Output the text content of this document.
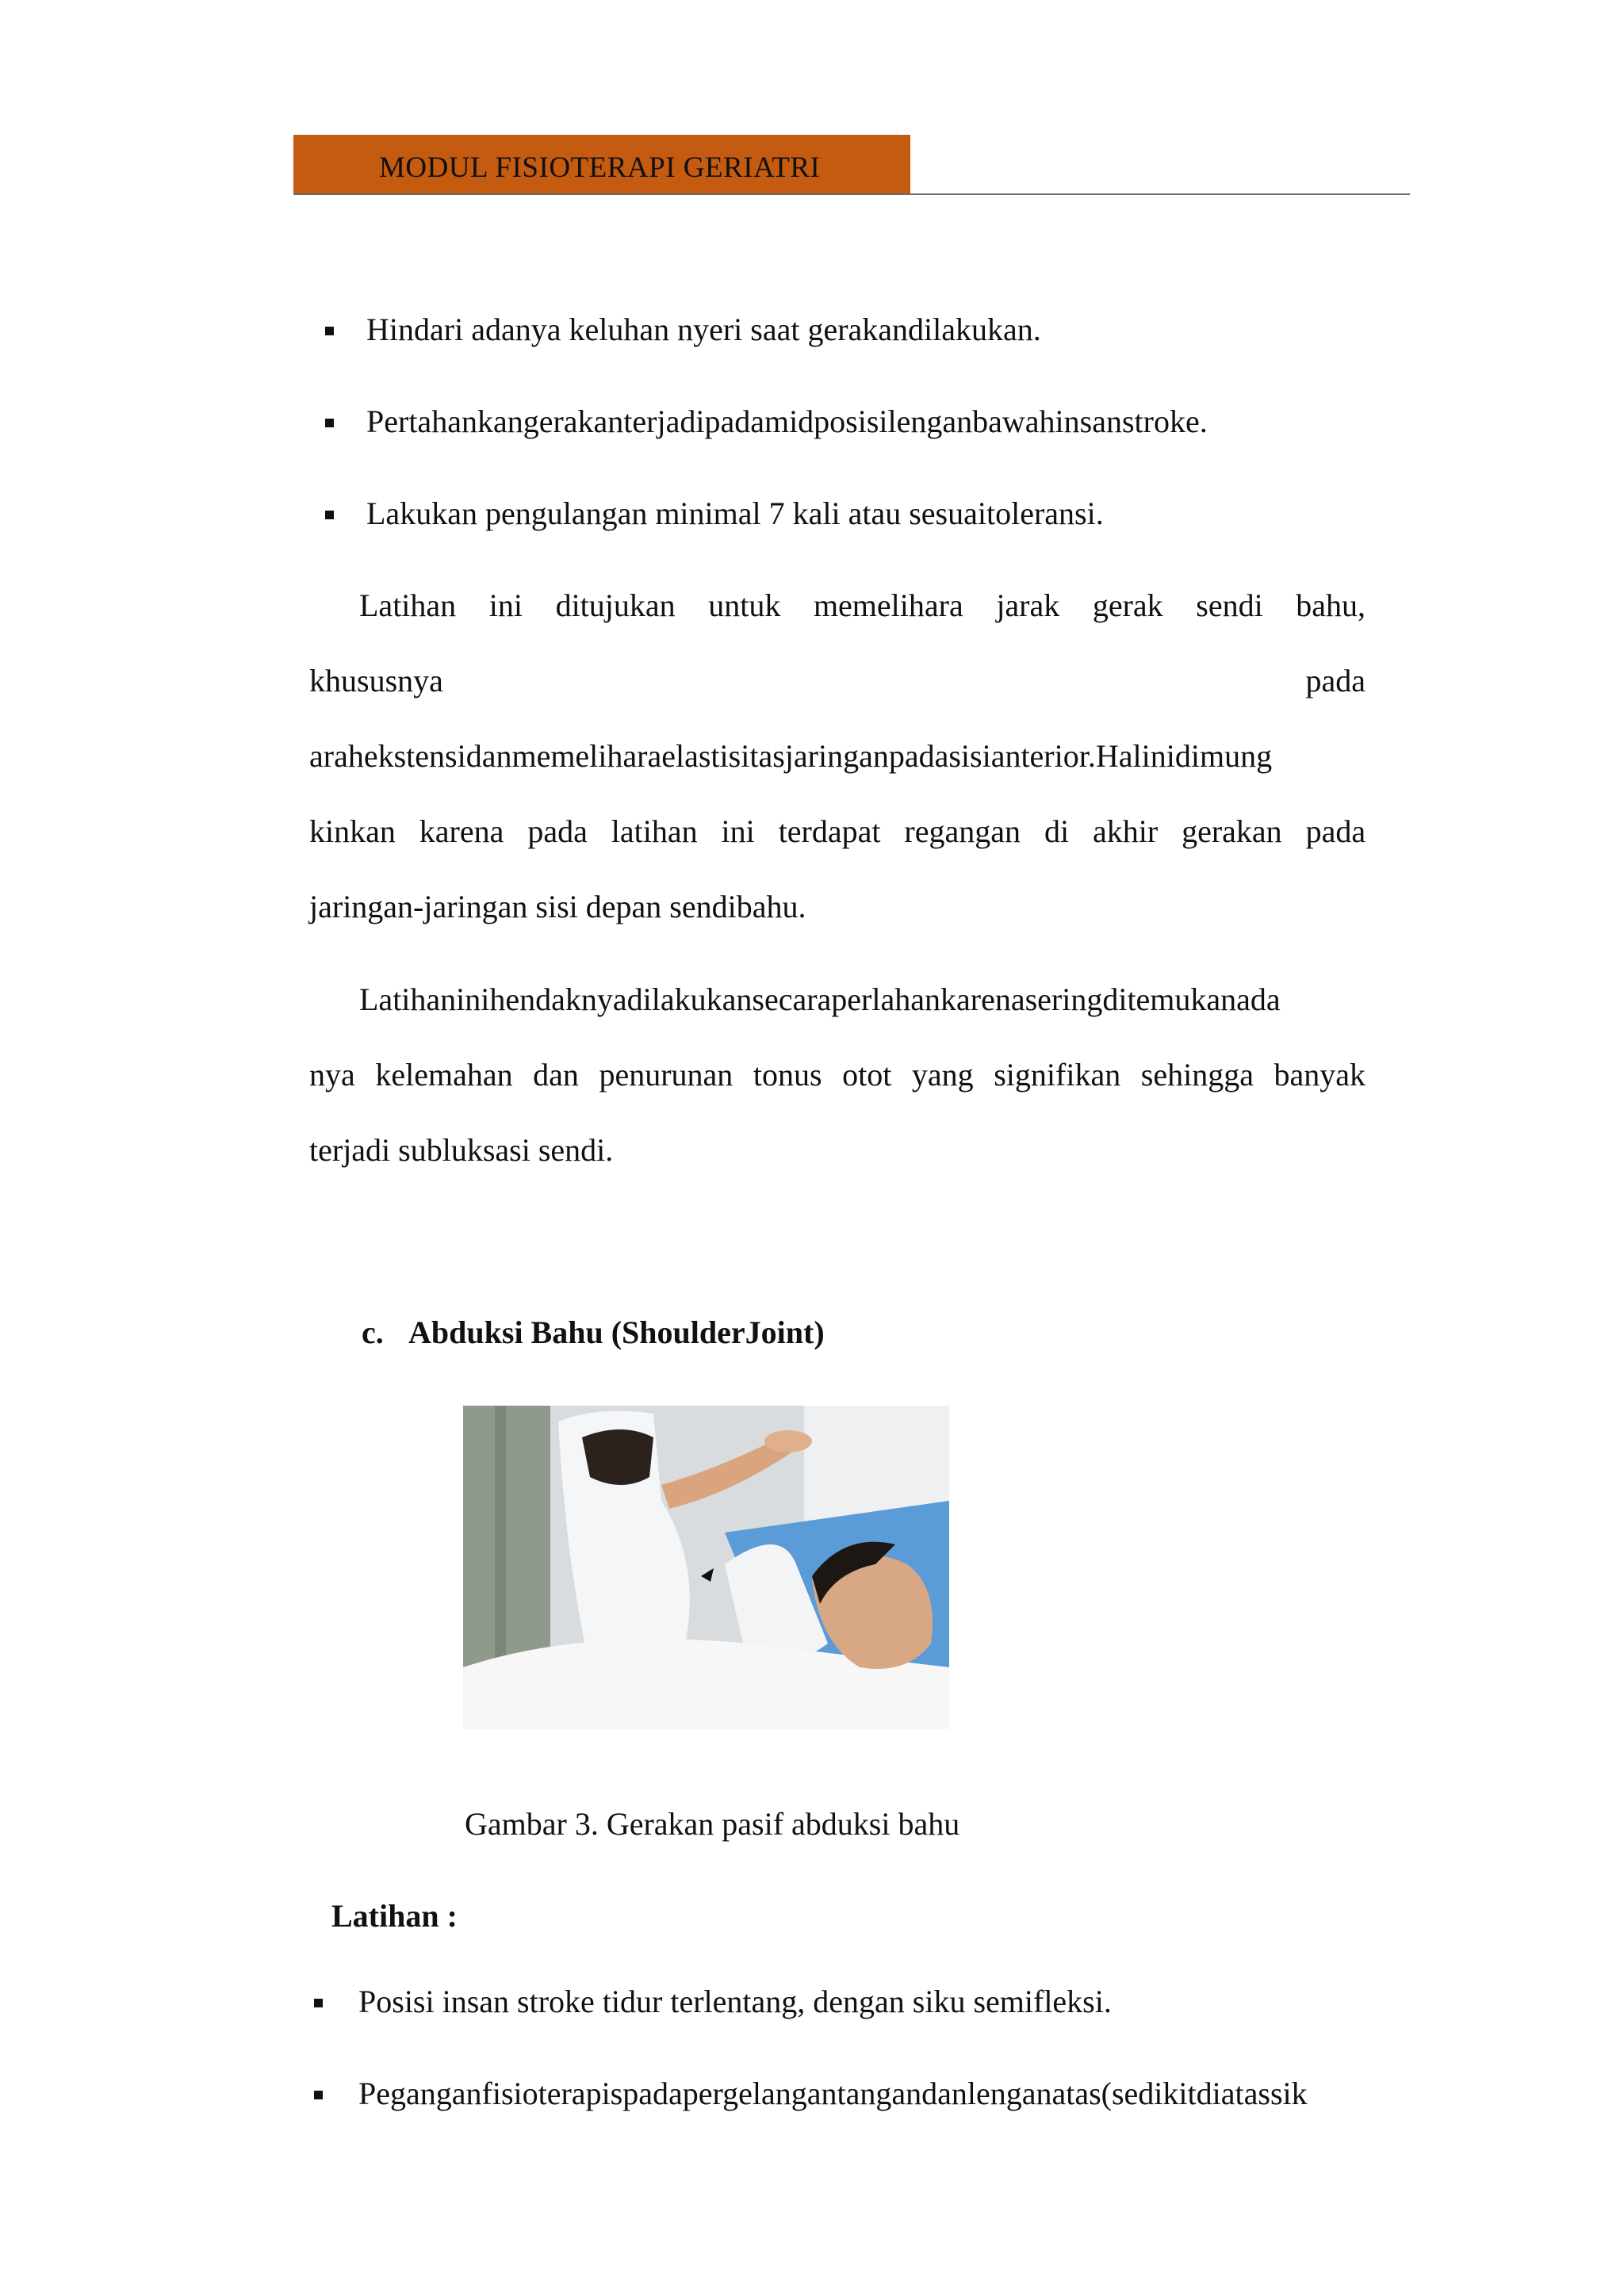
MODUL FISIOTERAPI GERIATRI
Hindari adanya keluhan nyeri saat gerakandilakukan.
Pertahankangerakanterjadipadamidposisilenganbawahinsanstroke.
Lakukan pengulangan minimal 7 kali atau sesuaitoleransi.
Latihan ini ditujukan untuk memelihara jarak gerak sendi bahu,
khususnya	pada
arahekstensidanmemeliharaelastisitasjaringanpadasisianterior.Halinidimung
kinkan karena pada latihan ini terdapat regangan di akhir gerakan pada
jaringan-jaringan sisi depan sendibahu.
Latihaninihendaknyadilakukansecaraperlahankarenaseringditemukanada
nya kelemahan dan penurunan tonus otot yang signifikan sehingga banyak
terjadi subluksasi sendi.
c. Abduksi Bahu (ShoulderJoint)
Gambar 3. Gerakan pasif abduksi bahu
Latihan :
Posisi insan stroke tidur terlentang, dengan siku semifleksi.
Peganganfisioterapispadapergelangantangandanlenganatas(sedikitdiatassik
